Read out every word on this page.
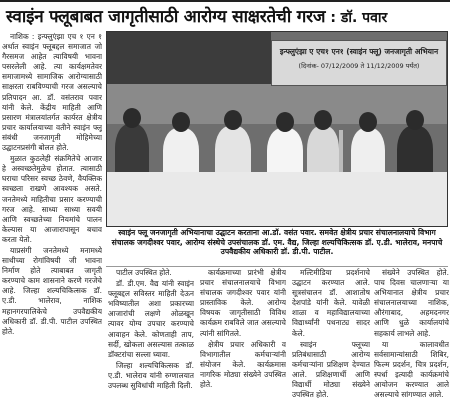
स्वाइंन फ्लूबाबत जागृतीसाठी आरोग्य साक्षरतेची गरज : डॉ. पवार
नाशिक : इन्फ्लुएंझा एच १ एन १ अर्थात स्वाइंन फ्लूबद्दल समाजात जो गैरसमज आहेत त्याविषयी भावना पसरलेली आहे. त्या कार्यक्षमतेवर समाजामध्ये सामाजिक आरोग्यासाठी साक्षरता राबविण्याची गरज असल्याचे प्रतिपादन आ. डॉ. वसंतराव पवार यांनी केले. केंद्रीय माहिती आणि प्रसारण मंत्रालयांतर्गत कार्यरत क्षेत्रीय प्रचार कार्यालयाच्या वतीने स्वाइंन फ्लू संबंधी जनजागृती मोहिमेच्या उद्घाटनप्रसंगी बोलत होते.
मुळात कुठलेही संक्रमितेचे आजार हे अस्वच्छतेमुळेच होतात. त्यासाठी घराचा परिसर स्वच्छ ठेवणे, वैयक्तिक स्वच्छता राखणे आवश्यक असते. जनतेमध्ये माहितीचा प्रसार करण्याची गरज आहे. साध्या साध्या सवयी आणि स्वच्छतेच्या नियमांचे पालन केल्यास या आजारापासून बचाव करता येतो.
याप्रसंगी जनतेमध्ये मनामध्ये साथीच्या रोगांविषयी जी भावना निर्माण होते त्याबाबत जागृती करण्याचे काम शासनाने करणे गरजेचे आहे. जिल्हा शल्यचिकित्सक डॉ. ए.डी. भालेराव, नाशिक महानगरपालिकेचे उपवैद्यकीय अधिकारी डॉ. डी.पी. पाटील उपस्थित होते.
इन्फ्लुएंझा ए एच१ एन१ (स्वाइंन फ्लू) जनजागृती अभियान
(दिनांक- 07/12/2009 ते 11/12/2009 पर्यंत)
स्वाइंन फ्लू जनजागृती अभियानाचा उद्घाटन करताना आ.डॉ. वसंत पवार. समवेत क्षेत्रीय प्रचार संचालनालयाचे विभाग संचालक जगदीश्वर पवार, आरोग्य संस्थेचे उपसंचालक डॉ. एम. वैद्य, जिल्हा शल्यचिकित्सक डॉ. ए.डी. भालेराव, मनपाचे उपवैद्यकीय अधिकारी डॉ. डी.पी. पाटील.
पाटील उपस्थित होते.
डॉ. डी.एम. वैद्य यांनी स्वाइंन फ्लूबद्दल सविस्तर माहिती देऊन भविष्यातील अशा प्रकारच्या आजारांची लक्षणे ओळखून त्यावर योग्य उपचार करण्याचे आवाहन केले. कोणताही ताप, सर्दी, खोकला असल्यास तत्काळ डॉक्टरांचा सल्ला घ्यावा.
जिल्हा शल्यचिकित्सक डॉ. ए.डी. भालेराव यांनी रुग्णालयात उपलब्ध सुविधांची माहिती दिली.
कार्यक्रमाच्या प्रारंभी क्षेत्रीय प्रचार संचालनालयाचे विभाग संचालक जगदीश्वर पवार यांनी प्रास्ताविक केले. आरोग्य विषयक जागृतीसाठी विविध कार्यक्रम राबविले जात असल्याचे त्यांनी सांगितले.
क्षेत्रीय प्रचार अधिकारी व विभागातील कर्मचाऱ्यांनी संयोजन केले. कार्यक्रमास नागरिक मोठ्या संख्येने उपस्थित होते.
मल्टिमीडिया प्रदर्शनाचे उद्घाटन करण्यात आले. सूत्रसंचालन डॉ. आशातोष देशपांडे यांनी केले. यावेळी शाळा व महाविद्यालयाच्या विद्यार्थ्यांनी पथनाट्य सादर केले.
स्वाइंन फ्लूच्या प्रतिबंधासाठी आरोग्य कर्मचाऱ्यांना प्रशिक्षण देण्यात आले. प्रशिक्षणार्थी आणि विद्यार्थी मोठ्या संख्येने उपस्थित होते.
संख्येने उपस्थित होते. पाच दिवस चालणाऱ्या या अभियानात क्षेत्रीय प्रचार संचालनालयाच्या नाशिक, औरंगाबाद, अहमदनगर आणि धुळे कार्यालयांचे सहकार्य लाभले आहे.
या कालावधीत सर्वसामान्यांसाठी शिबिर, फिल्म प्रदर्शन, चित्र प्रदर्शन, स्पर्धा इत्यादी कार्यक्रमांचे आयोजन करण्यात आले असल्याचे सांगण्यात आले.
